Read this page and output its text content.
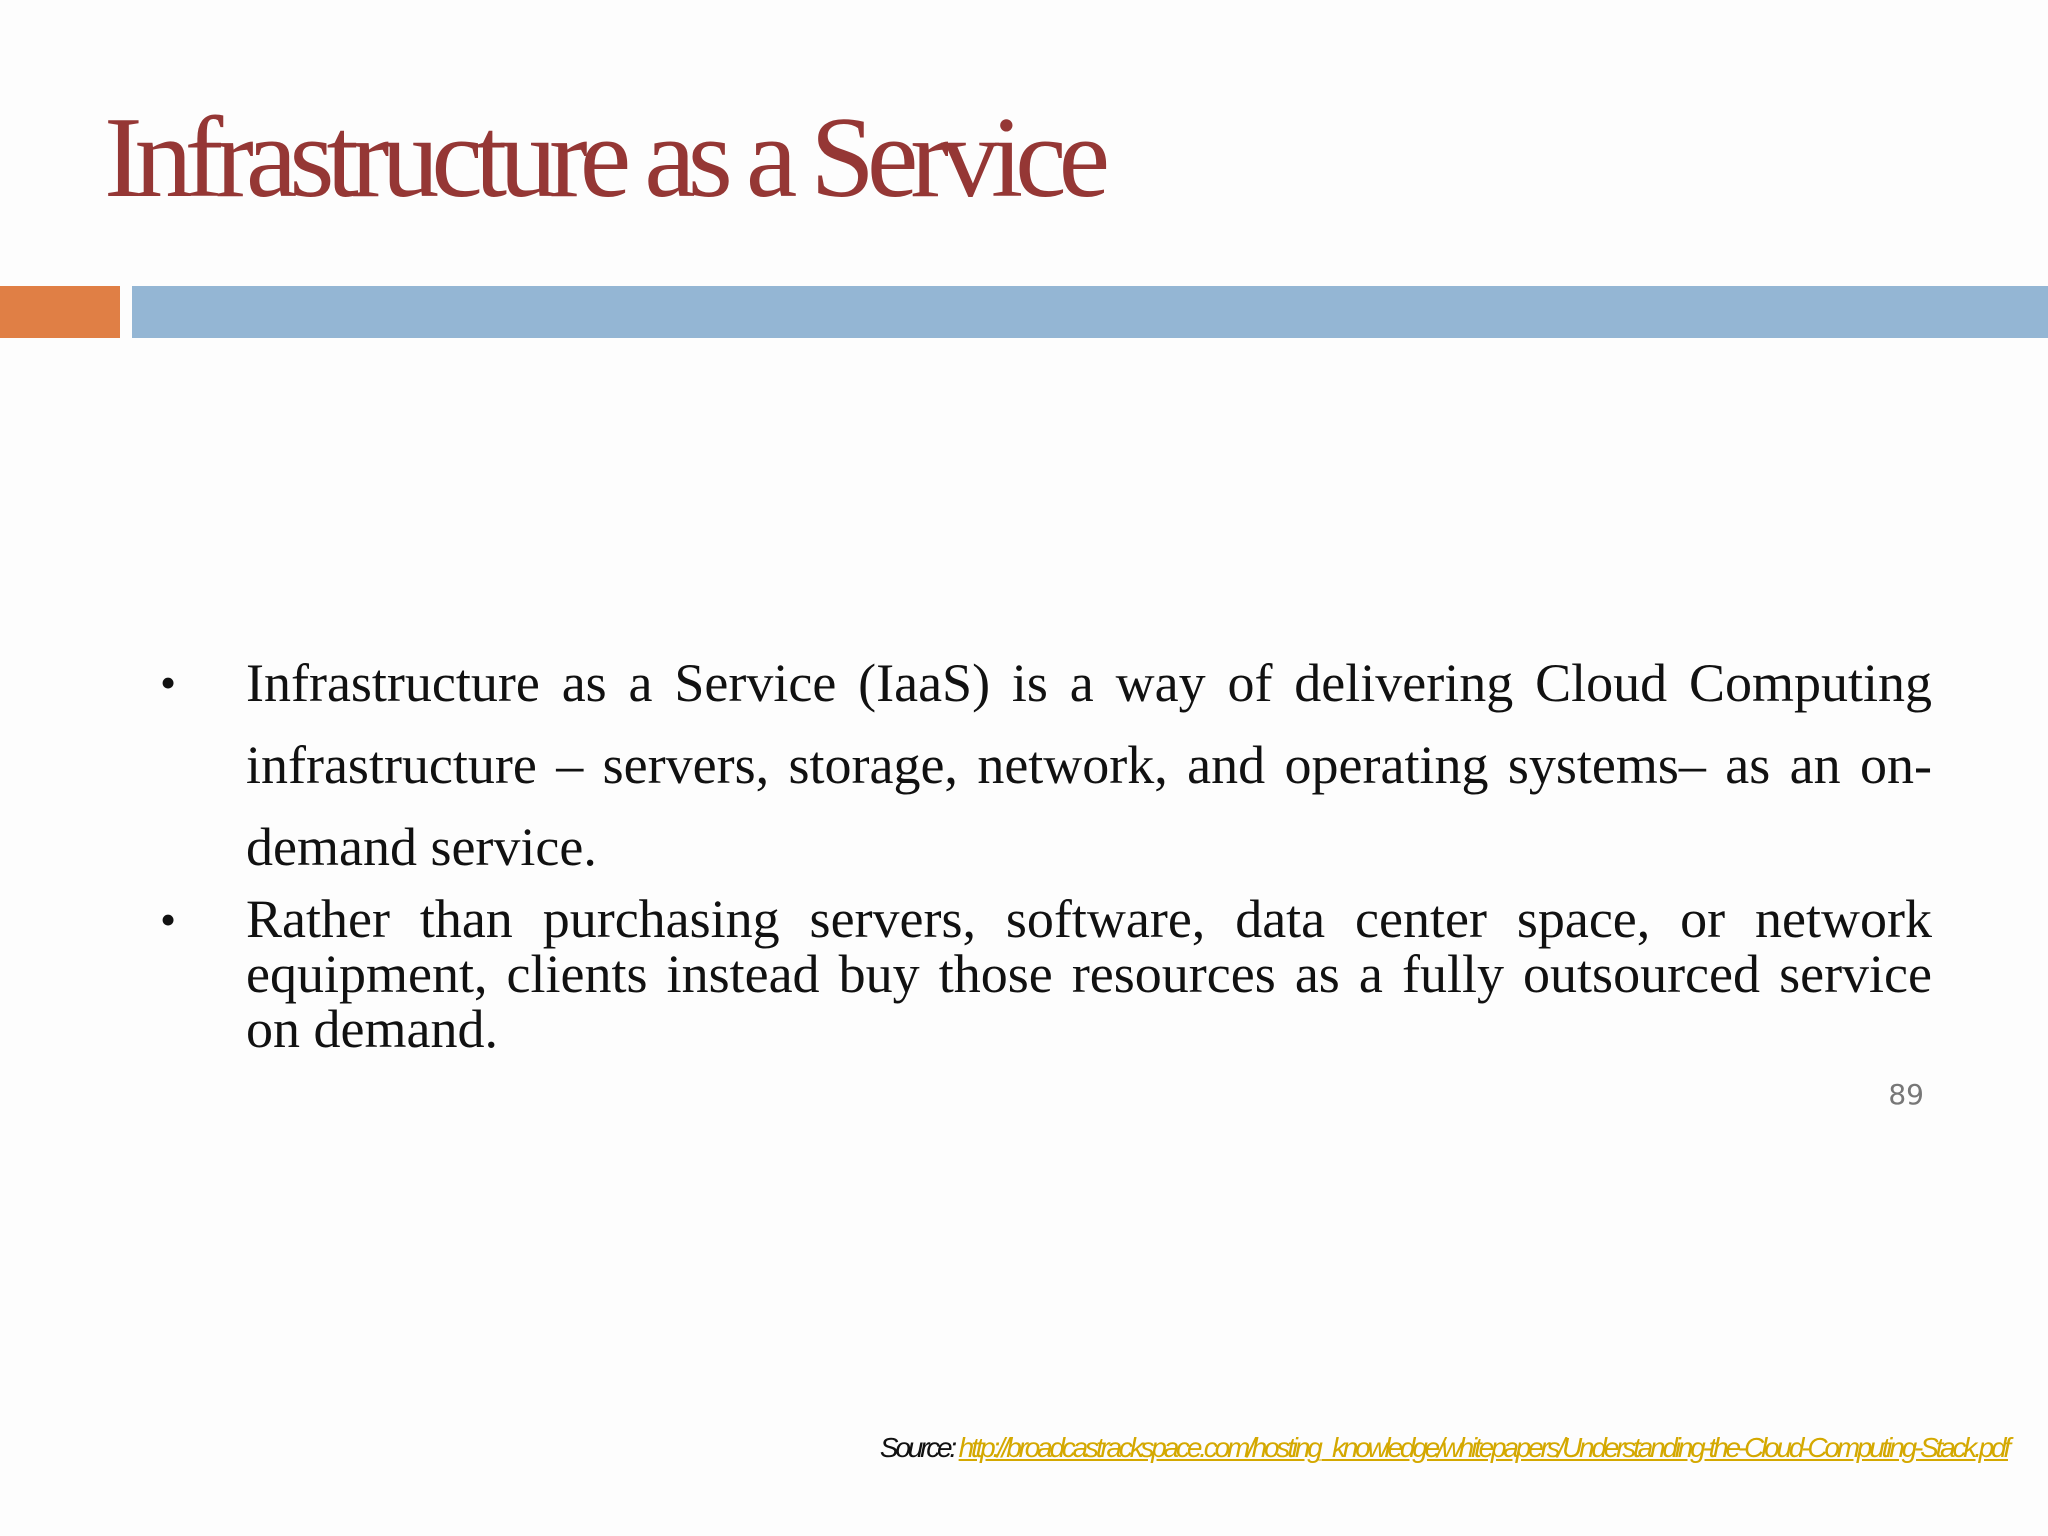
Infrastructure as a Service
• Infrastructure as a Service (IaaS) is a way of delivering Cloud Computing infrastructure – servers, storage, network, and operating systems– as an on-demand service.
• Rather than purchasing servers, software, data center space, or network equipment, clients instead buy those resources as a fully outsourced service on demand.
89
Source: http://broadcastrackspace.com/hosting_knowledge/whitepapers/Understanding-the-Cloud-Computing-Stack.pdf
